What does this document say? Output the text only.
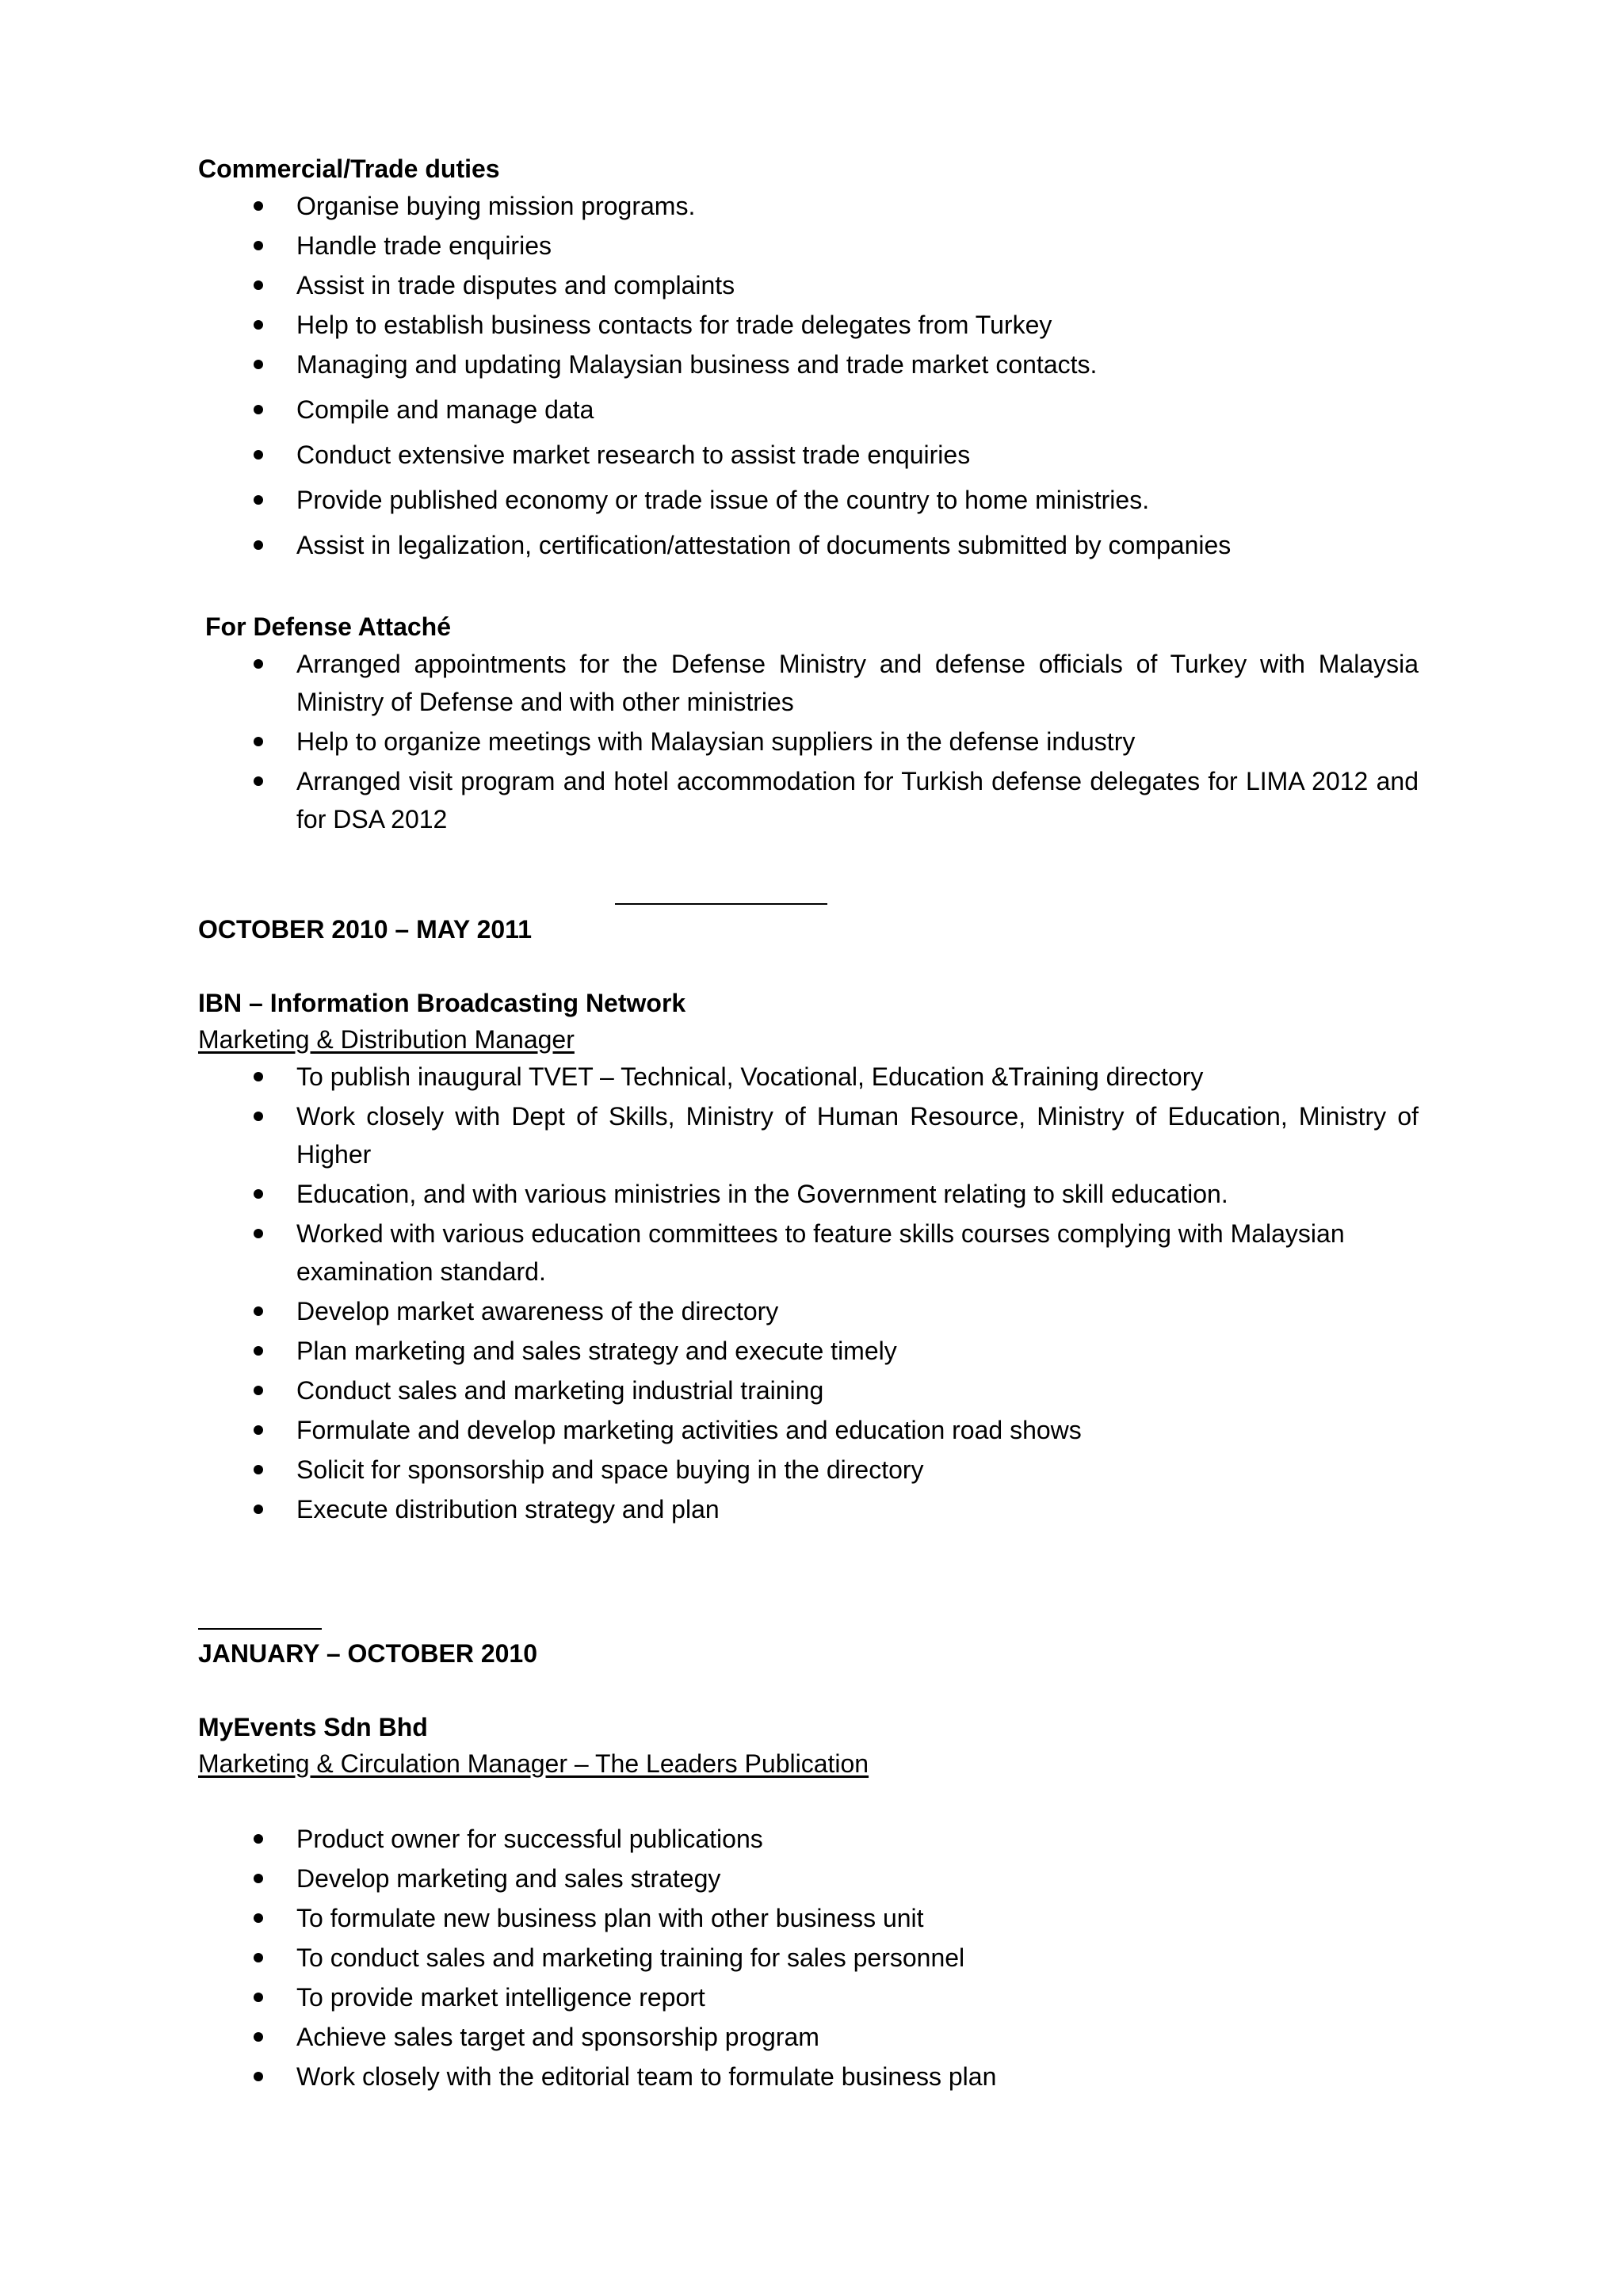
Commercial/Trade duties

Organise buying mission programs.
Handle trade enquiries
Assist in trade disputes and complaints
Help to establish business contacts for trade delegates from Turkey
Managing and updating Malaysian business and trade market contacts.
Compile and manage data
Conduct extensive market research to assist trade enquiries
Provide published economy or trade issue of the country to home ministries.
Assist in legalization, certification/attestation of documents submitted by companies

For Defense Attaché

Arranged appointments for the Defense Ministry and defense officials of Turkey with Malaysia Ministry of Defense and with other ministries
Help to organize meetings with Malaysian suppliers in the defense industry
Arranged visit program and hotel accommodation for Turkish defense delegates for LIMA 2012 and for DSA 2012

OCTOBER 2010 – MAY 2011

IBN – Information Broadcasting Network

Marketing & Distribution Manager

To publish inaugural TVET – Technical, Vocational, Education &Training directory
Work closely with Dept of Skills, Ministry of Human Resource, Ministry of Education, Ministry of Higher
Education, and with various ministries in the Government relating to skill education.
Worked with various education committees to feature skills courses complying with Malaysian
examination standard.
Develop market awareness of the directory
Plan marketing and sales strategy and execute timely
Conduct sales and marketing industrial training
Formulate and develop marketing activities and education road shows
Solicit for sponsorship and space buying in the directory
Execute distribution strategy and plan

JANUARY – OCTOBER 2010

MyEvents Sdn Bhd

Marketing & Circulation Manager – The Leaders Publication

Product owner for successful publications
Develop marketing and sales strategy
To formulate new business plan with other business unit
To conduct sales and marketing training for sales personnel
To provide market intelligence report
Achieve sales target and sponsorship program
Work closely with the editorial team to formulate business plan
